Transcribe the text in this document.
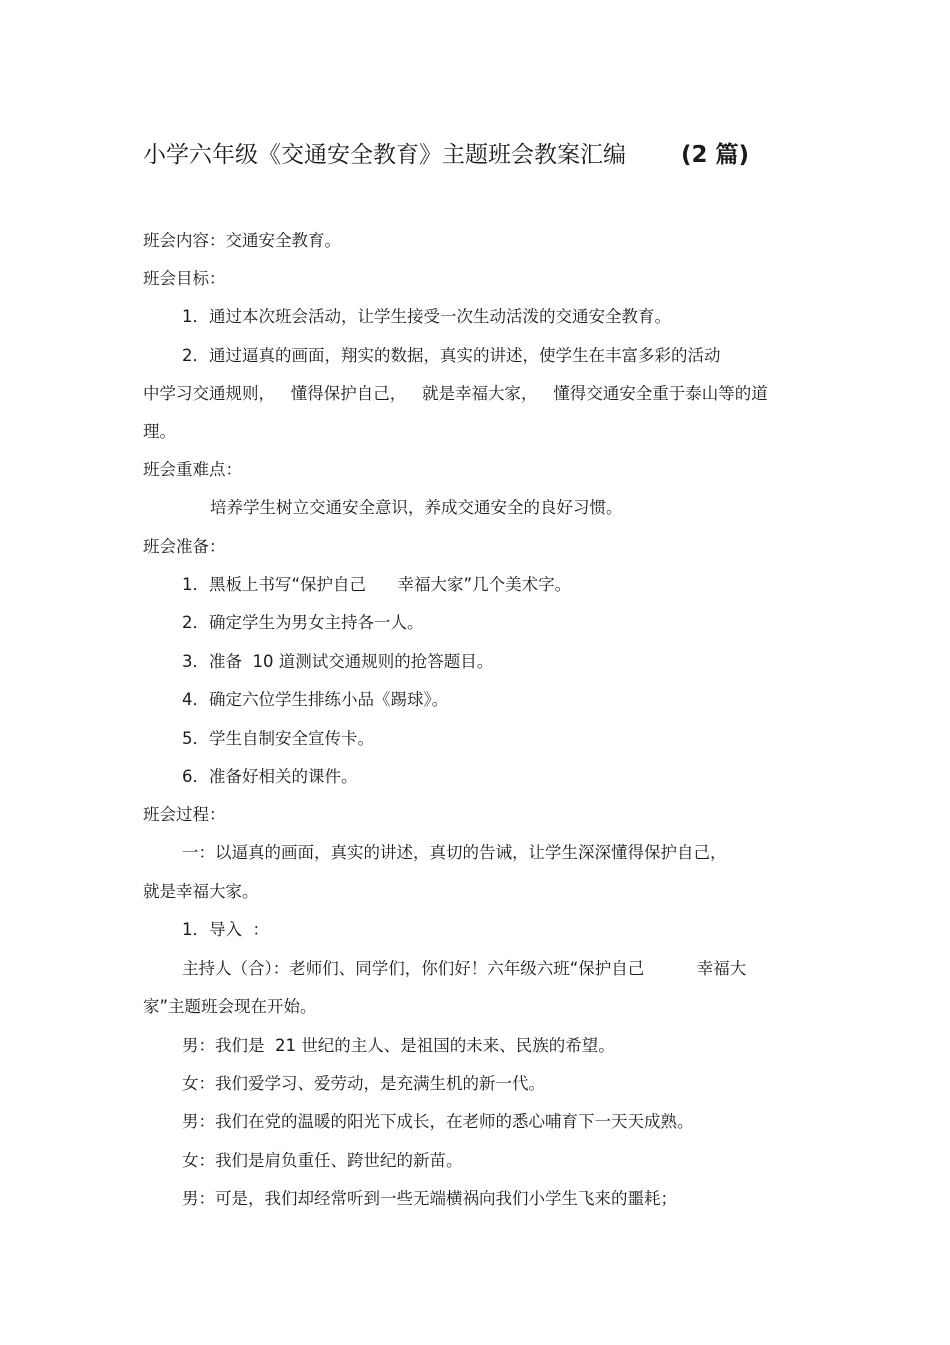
小学六年级《交通安全教育》主题班会教案汇编 (2 篇)
班会内容：交通安全教育。
班会目标：
1．通过本次班会活动，让学生接受一次生动活泼的交通安全教育。
2．通过逼真的画面，翔实的数据，真实的讲述，使学生在丰富多彩的活动
中学习交通规则，   懂得保护自己，   就是幸福大家，   懂得交通安全重于泰山等的道
理。
班会重难点：
培养学生树立交通安全意识，养成交通安全的良好习惯。
班会准备：
1．黑板上书写“保护自己      幸福大家”几个美术字。
2．确定学生为男女主持各一人。
3．准备  10 道测试交通规则的抢答题目。
4．确定六位学生排练小品《踢球》。
5．学生自制安全宣传卡。
6．准备好相关的课件。
班会过程：
一：以逼真的画面，真实的讲述，真切的告诫，让学生深深懂得保护自己，
就是幸福大家。
1．导入  ：
主持人（合）：老师们、同学们，你们好！六年级六班“保护自己          幸福大
家”主题班会现在开始。
男：我们是  21 世纪的主人、是祖国的未来、民族的希望。
女：我们爱学习、爱劳动，是充满生机的新一代。
男：我们在党的温暖的阳光下成长，在老师的悉心哺育下一天天成熟。
女：我们是肩负重任、跨世纪的新苗。
男：可是，我们却经常听到一些无端横祸向我们小学生飞来的噩耗；
